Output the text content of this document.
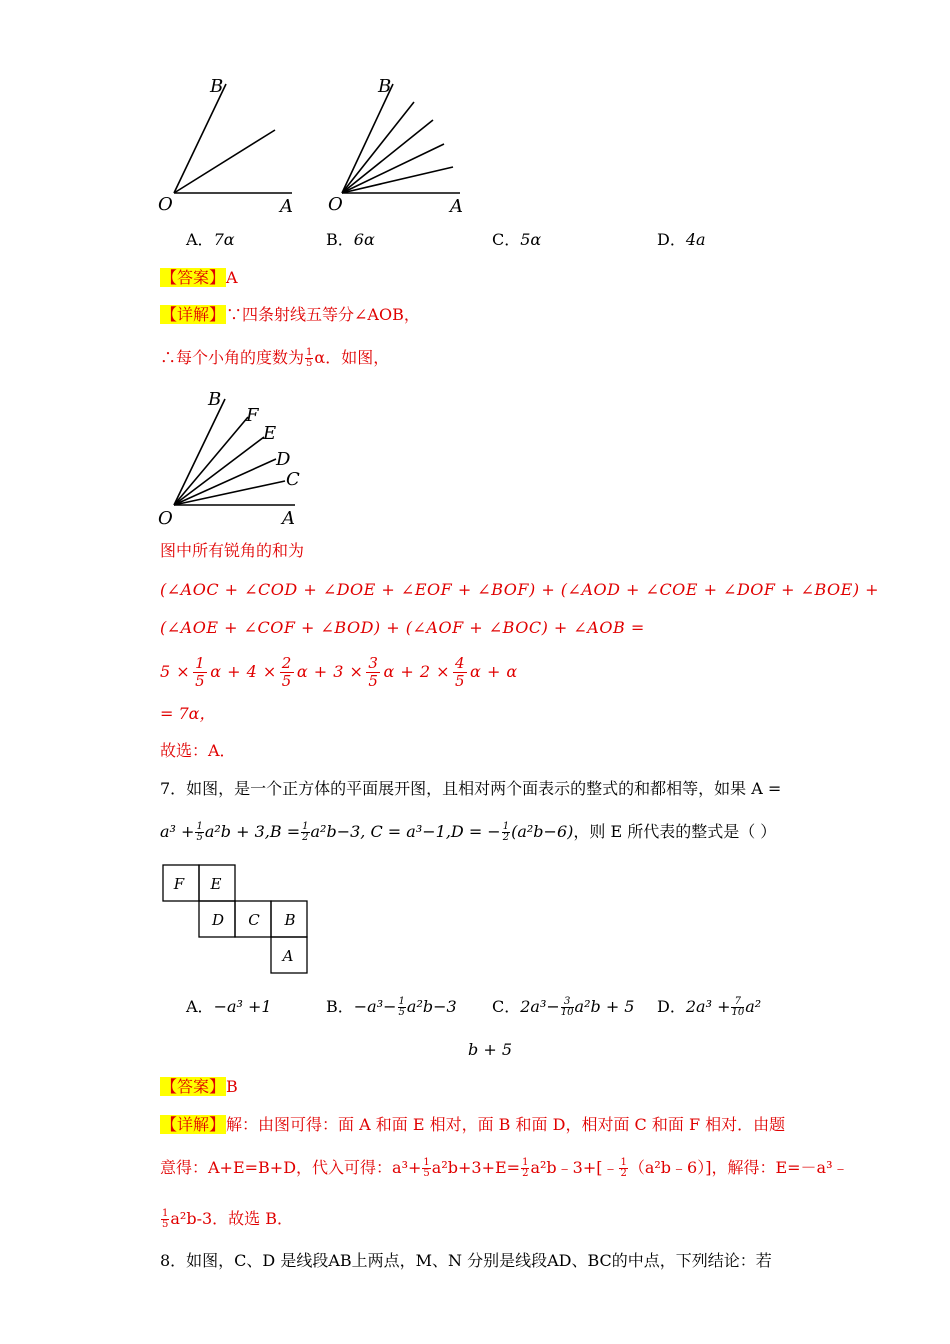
B
O	A
B
O	A
A．7α	B．6α	C．5α	D．4a
【答案】A
【详解】∵四条射线五等分∠AOB，
∴每个小角的度数为 $\frac{1}{5}$ α．如图，
B
F
E
D
C
O	A
图中所有锐角的和为
(∠AOC + ∠COD + ∠DOE + ∠EOF + ∠BOF) + (∠AOD + ∠COE + ∠DOF + ∠BOE) +
(∠AOE + ∠COF + ∠BOD) + (∠AOF + ∠BOC) + ∠AOB =
$5 \times \frac{1}{5}$ $\alpha + 4 \times \frac{2}{5}$ $\alpha + 3 \times \frac{3}{5}$ $\alpha + 2 \times \frac{4}{5}$ α + α
= 7α，
故选：A．
7．如图，是一个正方体的平面展开图，且相对两个面表示的整式的和都相等，如果 A =
$a^3 + \frac{1}{5} a^2b + 3,B = \frac{1}{2} a^2b-3$, C = a³−1,D = − $\frac{1}{2} (a^2b-6)$，则 E 所代表的整式是（ ）
F E
D C B
A
A．−a³ +1	B．$-a^3- \frac{1}{5} a^2b-3$ C．$2a^3- \frac{3}{10} a^2b + 5$ D．$2a^3 + \frac{7}{10} a^2$
b + 5
【答案】B
【详解】解：由图可得：面 A 和面 E 相对，面 B 和面 D，相对面 C 和面 F 相对．由题
意得：A+E=B+D，代入可得：$a^3+ \frac{1}{5} a^2b+3+E= \frac{1}{2}$ a²b﹣3+[﹣ $\frac{1}{2}$ （a²b﹣6）]，解得：E=－a³﹣
$\frac{1}{5} a^2b-3$．故选 B．
8．如图，C、D 是线段AB上两点，M、N 分别是线段AD、BC的中点，下列结论：若
